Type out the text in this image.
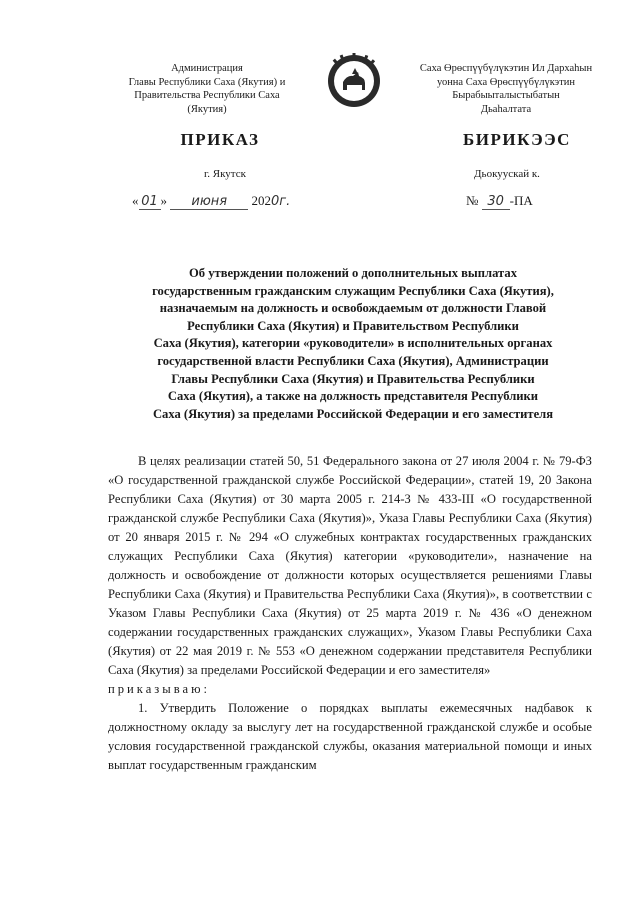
Администрация
Главы Республики Саха (Якутия) и
Правительства Республики Саха
(Якутия)
Саха Өрөспүүбүлүкэтин Ил Дархаһын
уонна Саха Өрөспүүбүлүкэтин
Бырабыыталыстыбатын
Дьаһалтата
ПРИКАЗ	БИРИКЭЭС
г. Якутск	Дьокуускай к.
« 01 » июня 2020г.	№ 30 -ПА
Об утверждении положений о дополнительных выплатах
государственным гражданским служащим Республики Саха (Якутия),
назначаемым на должность и освобождаемым от должности Главой
Республики Саха (Якутия) и Правительством Республики
Саха (Якутия), категории «руководители» в исполнительных органах
государственной власти Республики Саха (Якутия), Администрации
Главы Республики Саха (Якутия) и Правительства Республики
Саха (Якутия), а также на должность представителя Республики
Саха (Якутия) за пределами Российской Федерации и его заместителя

В целях реализации статей 50, 51 Федерального закона от 27 июля 2004 г. № 79-ФЗ «О государственной гражданской службе Российской Федерации», статей 19, 20 Закона Республики Саха (Якутия) от 30 марта 2005 г. 214-З № 433-III «О государственной гражданской службе Республики Саха (Якутия)», Указа Главы Республики Саха (Якутия) от 20 января 2015 г. № 294 «О служебных контрактах государственных гражданских служащих Республики Саха (Якутия) категории «руководители», назначение на должность и освобождение от должности которых осуществляется решениями Главы Республики Саха (Якутия) и Правительства Республики Саха (Якутия)», в соответствии с Указом Главы Республики Саха (Якутия) от 25 марта 2019 г. № 436 «О денежном содержании государственных гражданских служащих», Указом Главы Республики Саха (Якутия) от 22 мая 2019 г. № 553 «О денежном содержании представителя Республики Саха (Якутия) за пределами Российской Федерации и его заместителя»

приказываю:

1. Утвердить Положение о порядках выплаты ежемесячных надбавок к должностному окладу за выслугу лет на государственной гражданской службе и особые условия государственной гражданской службы, оказания материальной помощи и иных выплат государственным гражданским
